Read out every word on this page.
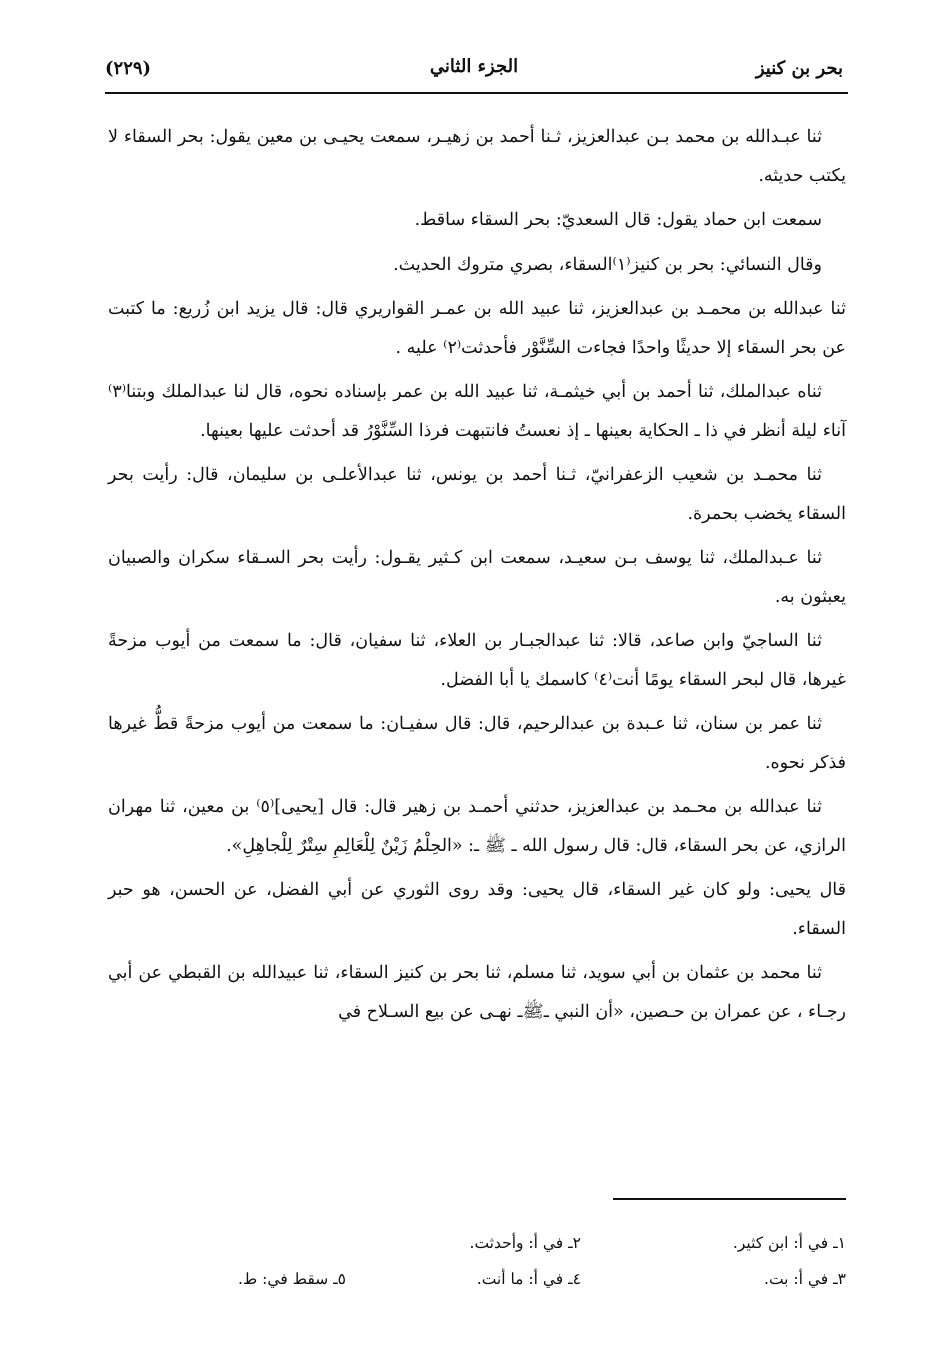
بحر بن كنيز
الجزء الثاني
(٢٢٩)

ثنا عبـدالله بن محمد بـن عبدالعزيز، ثـنا أحمد بن زهيـر، سمعت يحيـى بن معين يقول: بحر السقاء لا يكتب حديثه.

سمعت ابن حماد يقول: قال السعديّ: بحر السقاء ساقط.

وقال النسائي: بحر بن كنيز⁽١⁾السقاء، بصري متروك الحديث.

ثنا عبدالله بن محمـد بن عبدالعزيز، ثنا عبيد الله بن عمـر القواريري قال: قال يزيد ابن زُريع: ما كتبت عن بحر السقاء إلا حديثًا واحدًا فجاءت السِّنَّوْر فأحدثت⁽٢⁾ عليه .

ثناه عبدالملك، ثنا أحمد بن أبي خيثمـة، ثنا عبيد الله بن عمر بإسناده نحوه، قال لنا عبدالملك وبتنا⁽٣⁾ آناء ليلة أنظر في ذا ـ الحكاية بعينها ـ إذ نعستُ فانتبهت فرذا السِّنَّوْرُ قد أحدثت عليها بعينها.

ثنا محمـد بن شعيب الزعفرانيّ، ثـنا أحمد بن يونس، ثنا عبدالأعلـى بن سليمان، قال: رأيت بحر السقاء يخضب بحمرة.

ثنا عـبدالملك، ثنا يوسف بـن سعيـد، سمعت ابن كـثير يقـول: رأيت بحر السـقاء سكران والصبيان يعبثون به.

ثنا الساجيّ وابن صاعد، قالا: ثنا عبدالجبـار بن العلاء، ثنا سفيان، قال: ما سمعت من أيوب مزحةً غيرها، قال لبحر السقاء يومًا أنت⁽٤⁾ كاسمك يا أبا الفضل.

ثنا عمر بن سنان، ثنا عـبدة بن عبدالرحيم، قال: قال سفيـان: ما سمعت من أيوب مزحةً قطُّ غيرها فذكر نحوه.

ثنا عبدالله بن محـمد بن عبدالعزيز، حدثني أحمـد بن زهير قال: قال [يحيى]⁽٥⁾ بن معين، ثنا مهران الرازي، عن بحر السقاء، قال: قال رسول الله ـ ﷺ ـ: «الحِلْمُ زَيْنٌ لِلْعَالِمِ سِتْرٌ لِلْجاهِلِ».

قال يحيى: ولو كان غير السقاء، قال يحيى: وقد روى الثوري عن أبي الفضل، عن الحسن، هو حبر السقاء.

ثنا محمد بن عثمان بن أبي سويد، ثنا مسلم، ثنا بحر بن كنيز السقاء، ثنا عبيدالله بن القبطي عن أبي رجـاء ، عن عمران بن حـصين، «أن النبي ـﷺـ نهـى عن بيع السـلاح في

١ـ في أ: ابن كثير.
٢ـ في أ: وأحدثت.
٣ـ في أ: بت.
٤ـ في أ: ما أنت.
٥ـ سقط في: ط.
